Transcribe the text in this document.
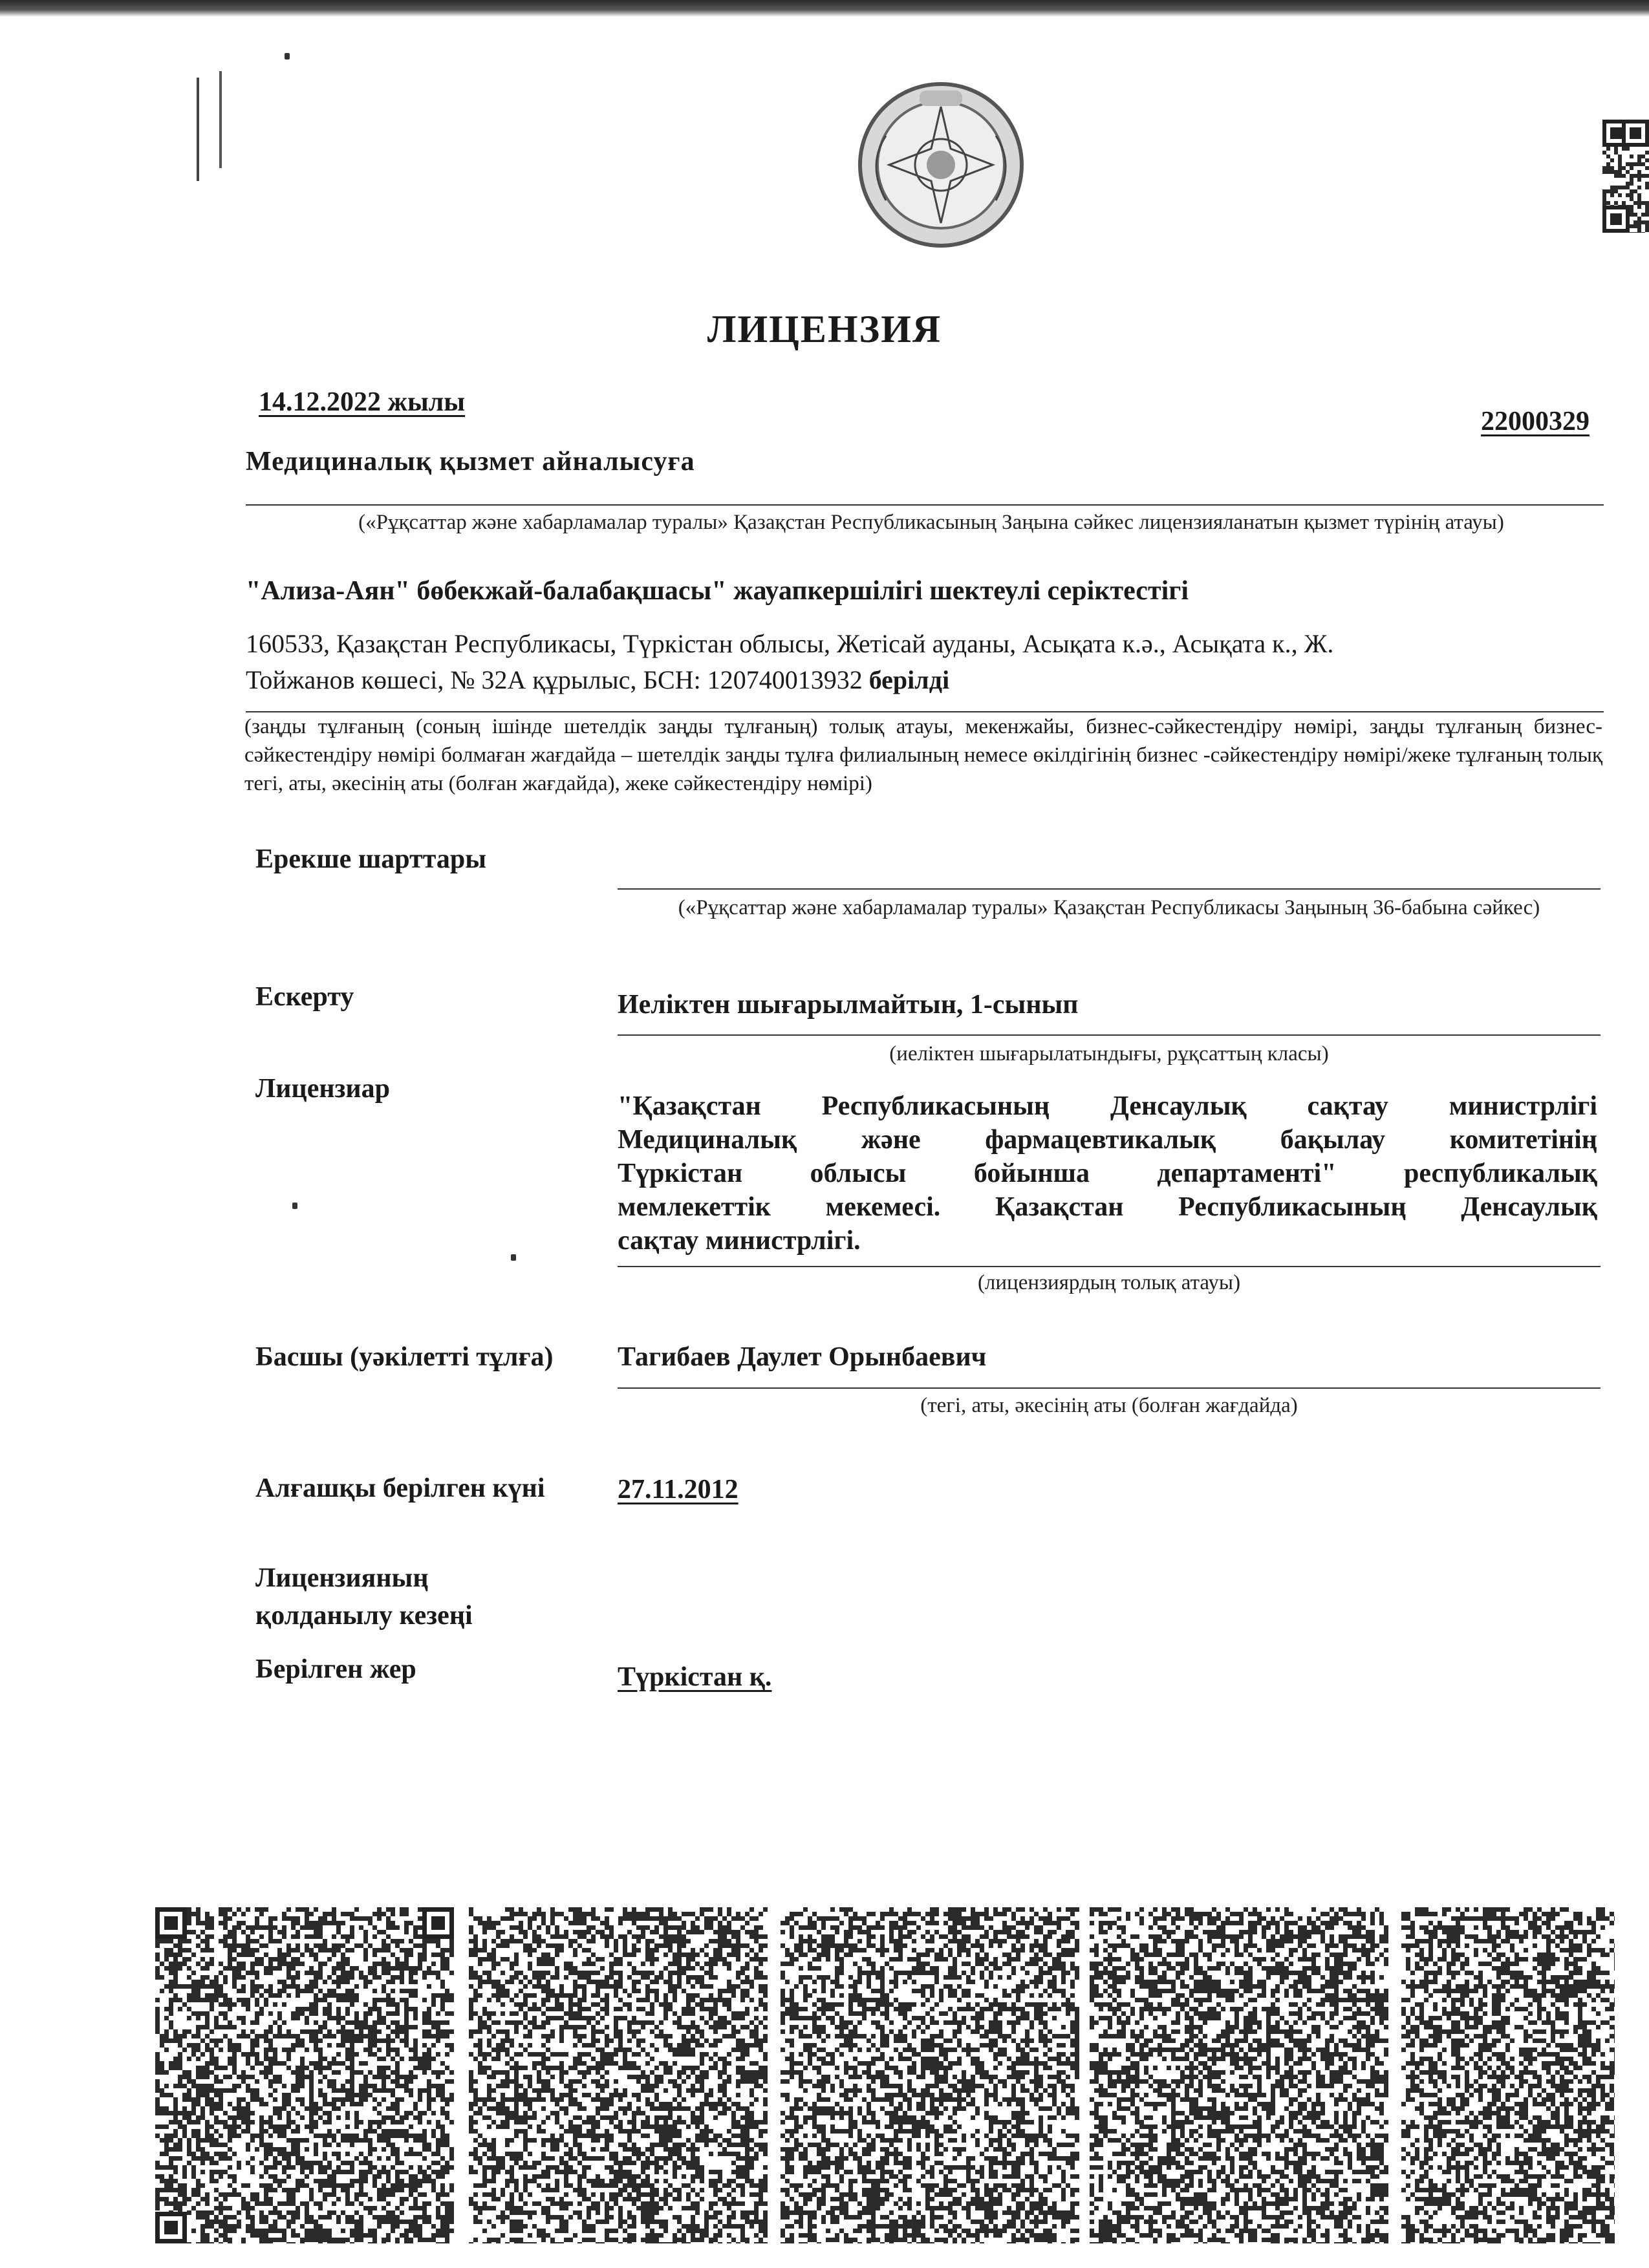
ЛИЦЕНЗИЯ
14.12.2022 жылы
22000329
Медициналық қызмет айналысуға
(«Рұқсаттар және хабарламалар туралы» Қазақстан Республикасының Заңына сәйкес лицензияланатын қызмет түрінің атауы)
"Ализа-Аян" бөбекжай-балабақшасы" жауапкершілігі шектеулі серіктестігі
160533, Қазақстан Республикасы, Түркістан облысы, Жетісай ауданы, Асықата к.ә., Асықата к., Ж.
Тойжанов көшесі, № 32А құрылыс, БСН: 120740013932 берілді
(заңды тұлғаның (соның ішінде шетелдік заңды тұлғаның) толық атауы, мекенжайы, бизнес-сәйкестендіру нөмірі, заңды тұлғаның бизнес-сәйкестендіру нөмірі болмаған жағдайда – шетелдік заңды тұлға филиалының немесе өкілдігінің бизнес -сәйкестендіру нөмірі/жеке тұлғаның толық тегі, аты, әкесінің аты (болған жағдайда), жеке сәйкестендіру нөмірі)
Ерекше шарттары
(«Рұқсаттар және хабарламалар туралы» Қазақстан Республикасы Заңының 36-бабына сәйкес)
Ескерту	Иеліктен шығарылмайтын, 1-сынып
(иеліктен шығарылатындығы, рұқсаттың класы)
Лицензиар
"Қазақстан Республикасының Денсаулық сақтау министрлігі
Медициналық және фармацевтикалық бақылау комитетінің
Түркістан облысы бойынша департаменті" республикалық
мемлекеттік мекемесі. Қазақстан Республикасының Денсаулық
сақтау министрлігі.
(лицензиярдың толық атауы)
Басшы (уәкілетті тұлға) Тагибаев Даулет Орынбаевич
(тегі, аты, әкесінің аты (болған жағдайда)
Алғашқы берілген күні	27.11.2012
Лицензияның
қолданылу кезеңі
Берілген жер	Түркістан қ.
